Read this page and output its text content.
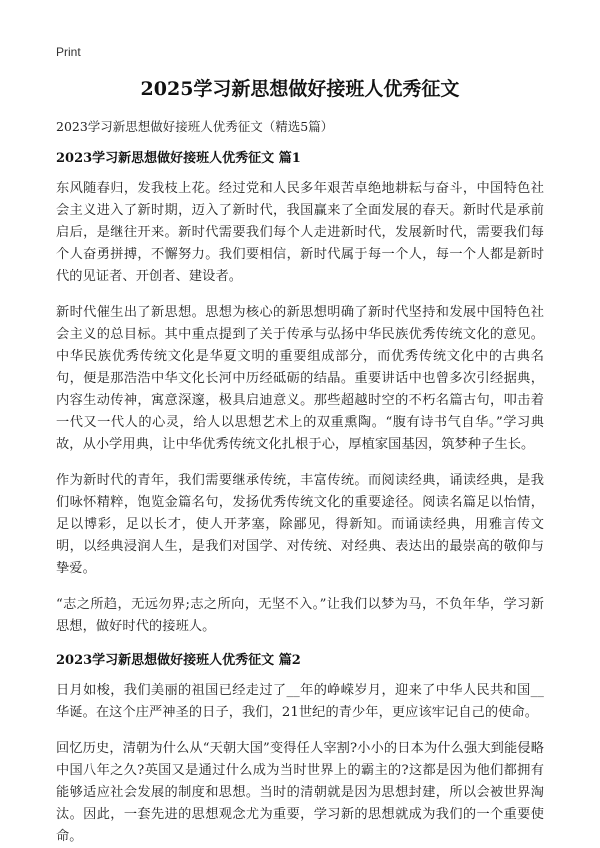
Print
2025学习新思想做好接班人优秀征文
2023学习新思想做好接班人优秀征文（精选5篇）
2023学习新思想做好接班人优秀征文 篇1

东风随春归，发我枝上花。经过党和人民多年艰苦卓绝地耕耘与奋斗，中国特色社会主义进入了新时期，迈入了新时代，我国赢来了全面发展的春天。新时代是承前启后，是继往开来。新时代需要我们每个人走进新时代，发展新时代，需要我们每个人奋勇拼搏，不懈努力。我们要相信，新时代属于每一个人，每一个人都是新时代的见证者、开创者、建设者。

新时代催生出了新思想。思想为核心的新思想明确了新时代坚持和发展中国特色社会主义的总目标。其中重点提到了关于传承与弘扬中华民族优秀传统文化的意见。中华民族优秀传统文化是华夏文明的重要组成部分，而优秀传统文化中的古典名句，便是那浩浩中华文化长河中历经砥砺的结晶。重要讲话中也曾多次引经据典，内容生动传神，寓意深邃，极具启迪意义。那些超越时空的不朽名篇古句，叩击着一代又一代人的心灵，给人以思想艺术上的双重熏陶。“腹有诗书气自华。”学习典故，从小学用典，让中华优秀传统文化扎根于心，厚植家国基因，筑梦种子生长。

作为新时代的青年，我们需要继承传统，丰富传统。而阅读经典，诵读经典，是我们咏怀精粹，饱览金篇名句，发扬优秀传统文化的重要途径。阅读名篇足以怡情，足以博彩，足以长才，使人开茅塞，除鄙见，得新知。而诵读经典，用雅言传文明，以经典浸润人生，是我们对国学、对传统、对经典、表达出的最崇高的敬仰与挚爱。

“志之所趋，无远勿界;志之所向，无坚不入。”让我们以梦为马，不负年华，学习新思想，做好时代的接班人。

2023学习新思想做好接班人优秀征文 篇2

日月如梭，我们美丽的祖国已经走过了__年的峥嵘岁月，迎来了中华人民共和国__华诞。在这个庄严神圣的日子，我们，21世纪的青少年，更应该牢记自己的使命。

回忆历史，清朝为什么从“天朝大国”变得任人宰割?小小的日本为什么强大到能侵略中国八年之久?英国又是通过什么成为当时世界上的霸主的?这都是因为他们都拥有能够适应社会发展的制度和思想。当时的清朝就是因为思想封建，所以会被世界淘汰。因此，一套先进的思想观念尤为重要，学习新的思想就成为我们的一个重要使命。
